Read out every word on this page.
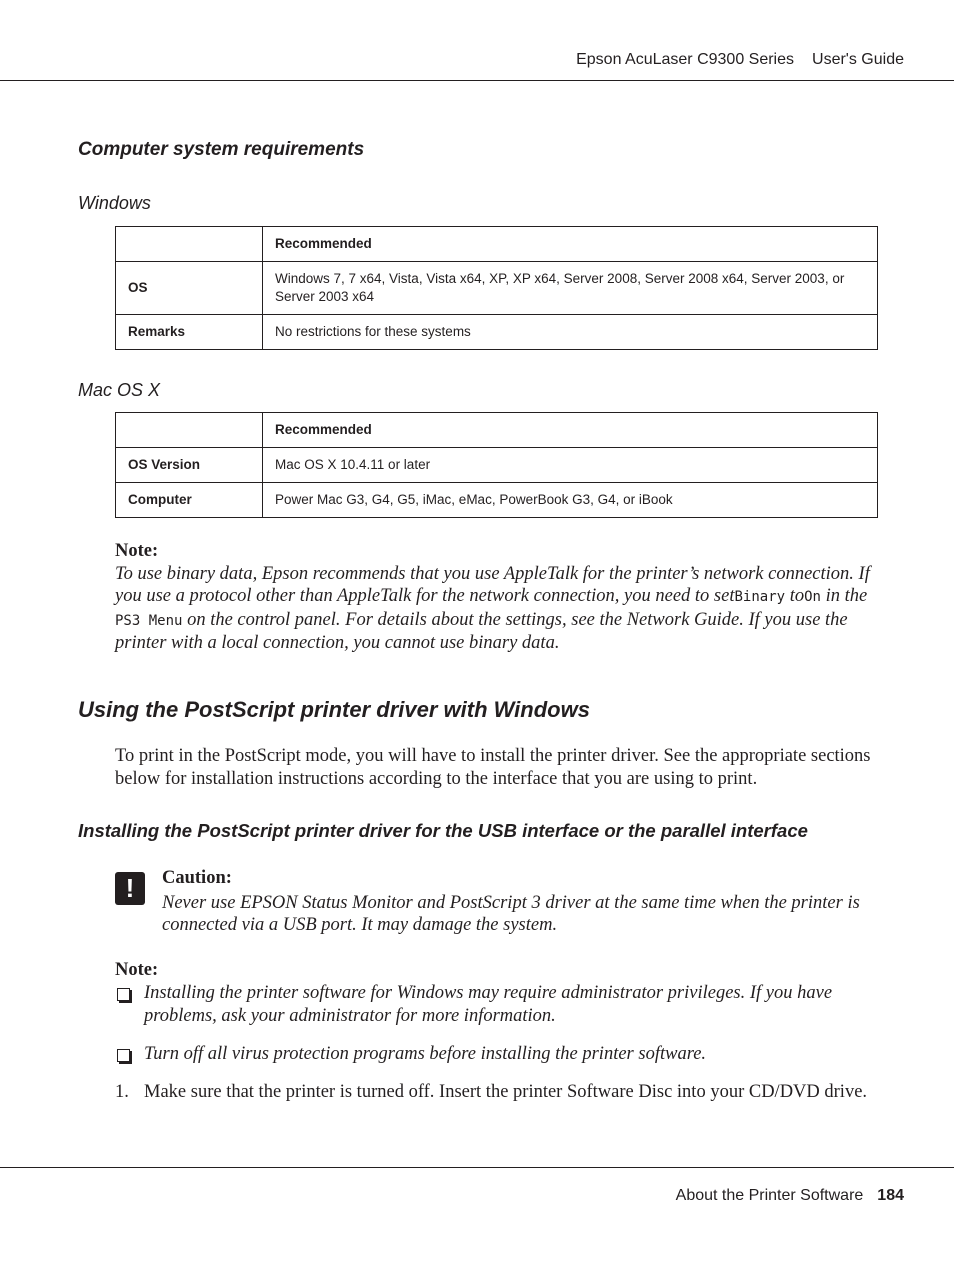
Epson AcuLaser C9300 Series User's Guide
Computer system requirements
Windows
	Recommended
OS	Windows 7, 7 x64, Vista, Vista x64, XP, XP x64, Server 2008, Server 2008 x64, Server 2003, or Server 2003 x64
Remarks	No restrictions for these systems
Mac OS X
	Recommended
OS Version	Mac OS X 10.4.11 or later
Computer	Power Mac G3, G4, G5, iMac, eMac, PowerBook G3, G4, or iBook
Note:
To use binary data, Epson recommends that you use AppleTalk for the printer’s network connection. If you use a protocol other than AppleTalk for the network connection, you need to setBinary toOn in the PS3 Menu on the control panel. For details about the settings, see the Network Guide. If you use the printer with a local connection, you cannot use binary data.
Using the PostScript printer driver with Windows
To print in the PostScript mode, you will have to install the printer driver. See the appropriate sections below for installation instructions according to the interface that you are using to print.
Installing the PostScript printer driver for the USB interface or the parallel interface
!	Caution:
Never use EPSON Status Monitor and PostScript 3 driver at the same time when the printer is connected via a USB port. It may damage the system.
Note:
Installing the printer software for Windows may require administrator privileges. If you have problems, ask your administrator for more information.
Turn off all virus protection programs before installing the printer software.
1. Make sure that the printer is turned off. Insert the printer Software Disc into your CD/DVD drive.
About the Printer Software 184
